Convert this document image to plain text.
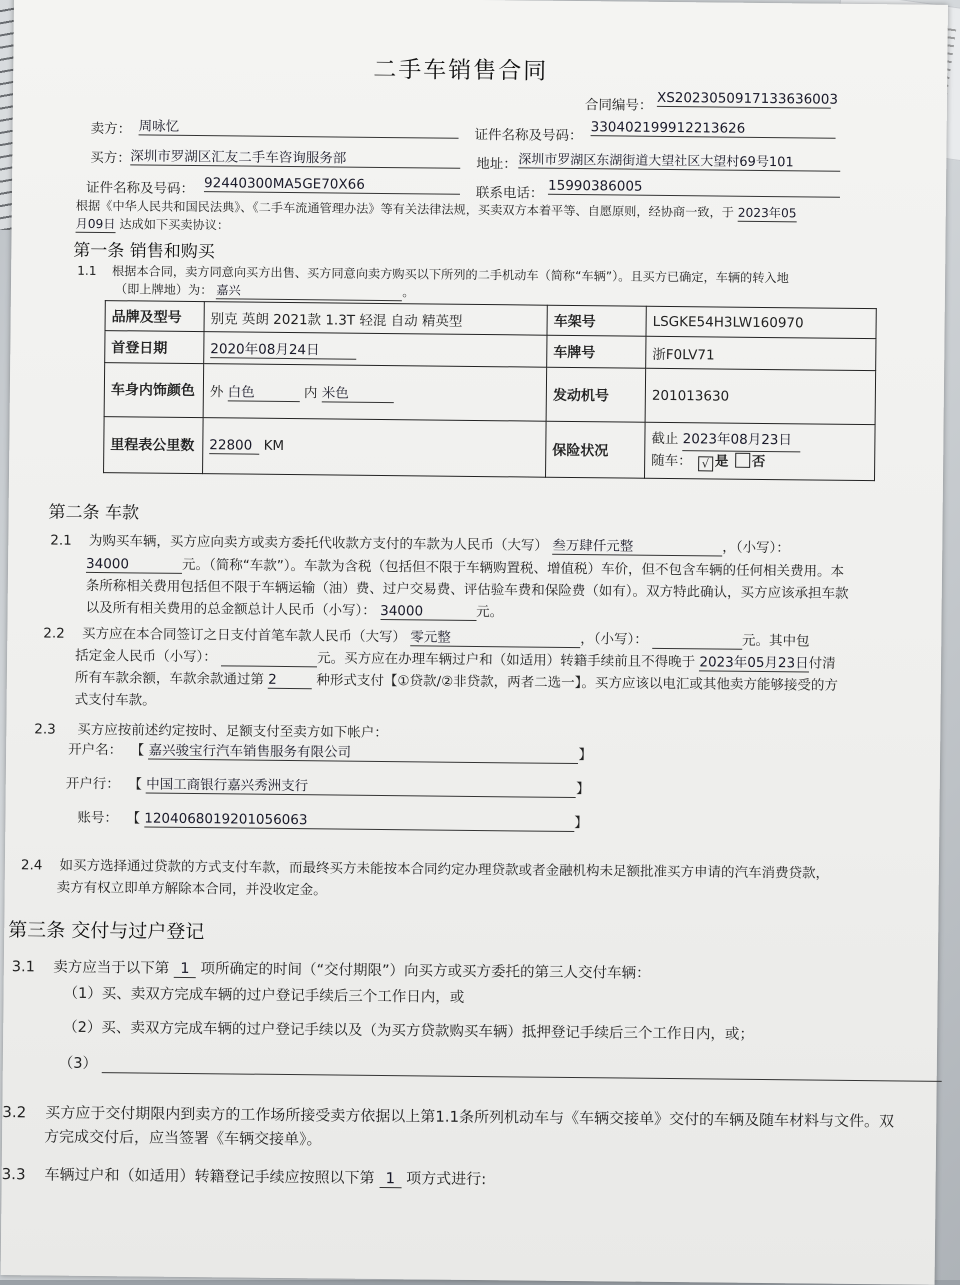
二手车销售合同
合同编号： XS2023050917133636003
卖方： 周咏忆
证件名称及号码： 330402199912213626
买方： 深圳市罗湖区汇友二手车咨询服务部	地址： 深圳市罗湖区东湖街道大望社区大望村69号101
证件名称及号码： 92440300MA5GE70X66
联系电话： 15990386005
根据《中华人民共和国民法典》、《二手车流通管理办法》等有关法律法规，买卖双方本着平等、自愿原则，经协商一致，于 2023年05
月09日 达成如下买卖协议：
第一条 销售和购买
1.1 根据本合同，卖方同意向买方出售、买方同意向卖方购买以下所列的二手机动车（简称“车辆”）。且买方已确定，车辆的转入地
（即上牌地）为： 嘉兴	。
品牌及型号	别克 英朗 2021款 1.3T 轻混 自动 精英型	车架号	LSGKE54H3LW160970
首登日期	2020年08月24日	车牌号	浙F0LV71
车身内饰颜色	外 白色 内 米色	发动机号	201013630
里程表公里数	22800 KM	保险状况	截止 2023年08月23日
随车： √ 是 否
第二条 车款
2.1 为购买车辆，买方应向卖方或卖方委托代收款方支付的车款为人民币（大写） 叁万肆仟元整	，（小写）：
34000	元。（简称“车款”）。车款为含税（包括但不限于车辆购置税、增值税）车价，但不包含车辆的任何相关费用。本
条所称相关费用包括但不限于车辆运输（油）费、过户交易费、评估验车费和保险费（如有）。双方特此确认，买方应该承担车款
以及所有相关费用的总金额总计人民币（小写）： 34000	元。
2.2 买方应在本合同签订之日支付首笔车款人民币（大写） 零元整	，（小写）：	元。其中包
括定金人民币（小写）：	元。买方应在办理车辆过户和（如适用）转籍手续前且不得晚于 2023年05月23日付清
所有车款余额，车款余款通过第 2	种形式支付【①贷款/②非贷款，两者二选一】。买方应该以电汇或其他卖方能够接受的方
式支付车款。
2.3 买方应按前述约定按时、足额支付至卖方如下帐户：
开户名： 【 嘉兴骏宝行汽车销售服务有限公司	】
开户行： 【 中国工商银行嘉兴秀洲支行	】
账号： 【 1204068019201056063	】
2.4 如买方选择通过贷款的方式支付车款，而最终买方未能按本合同约定办理贷款或者金融机构未足额批准买方申请的汽车消费贷款，
卖方有权立即单方解除本合同，并没收定金。
第三条 交付与过户登记
3.1 卖方应当于以下第 1 项所确定的时间（“交付期限”）向买方或买方委托的第三人交付车辆：
（1）买、卖双方完成车辆的过户登记手续后三个工作日内，或
（2）买、卖双方完成车辆的过户登记手续以及（为买方贷款购买车辆）抵押登记手续后三个工作日内，或；
（3）
3.2 买方应于交付期限内到卖方的工作场所接受卖方依据以上第1.1条所列机动车与《车辆交接单》交付的车辆及随车材料与文件。双
方完成交付后，应当签署《车辆交接单》。
3.3 车辆过户和（如适用）转籍登记手续应按照以下第 1 项方式进行:
